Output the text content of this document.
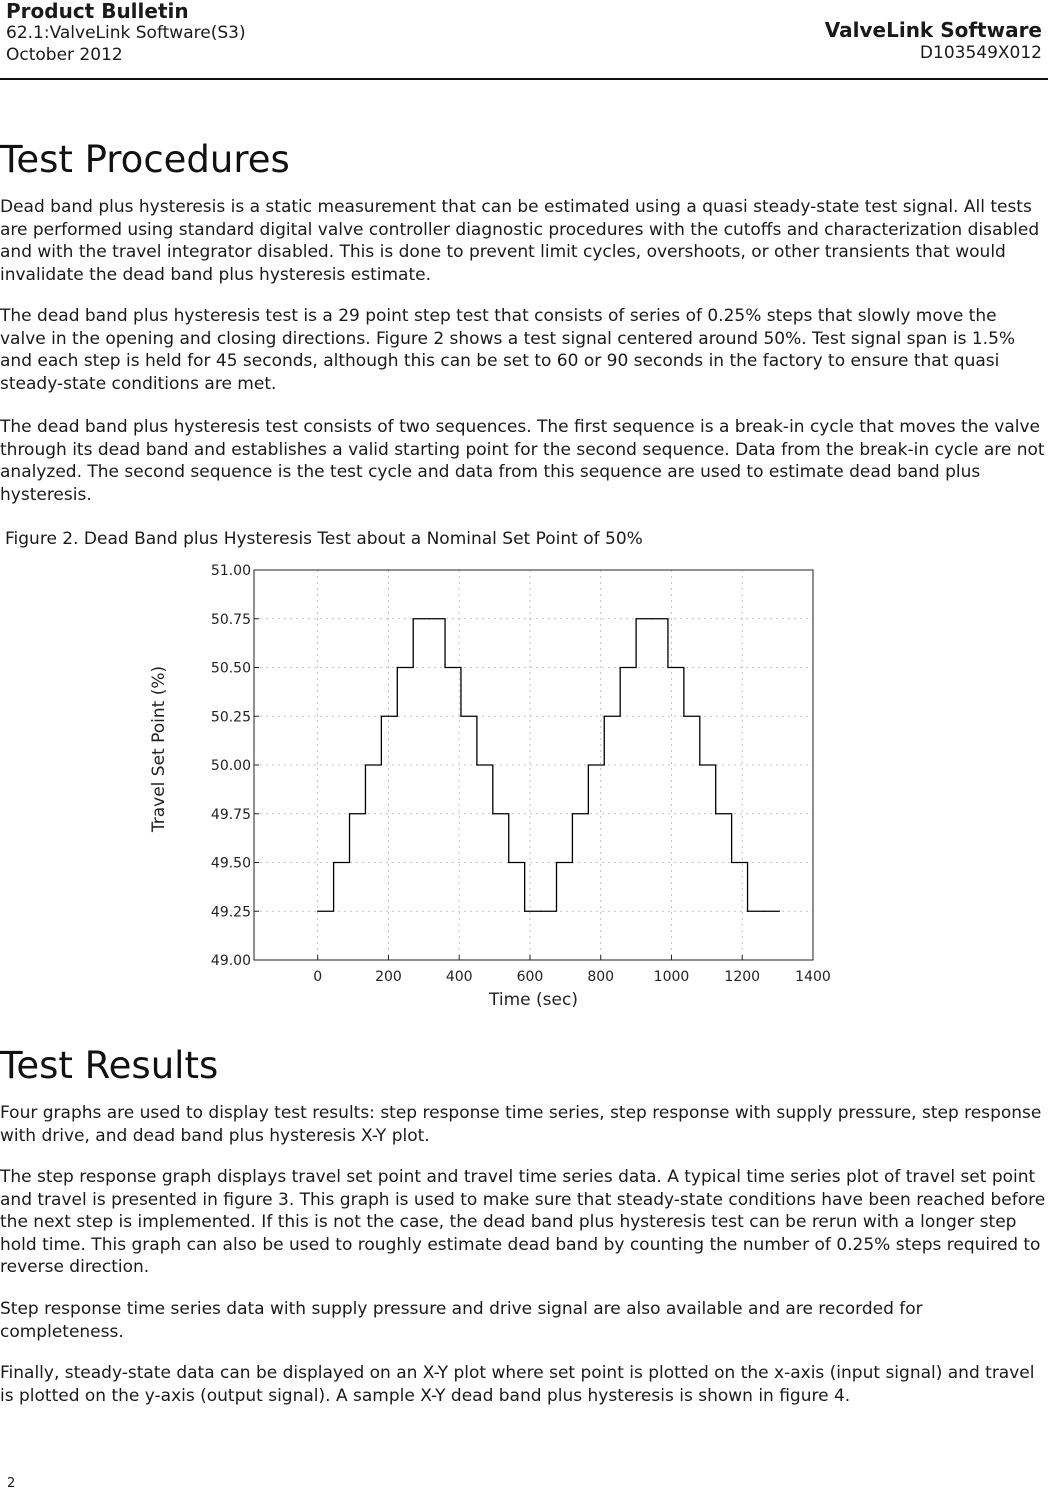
Product Bulletin
62.1:ValveLink Software(S3)
October 2012
ValveLink Software
D103549X012
Test Procedures

Dead band plus hysteresis is a static measurement that can be estimated using a quasi steady-state test signal. All tests are performed using standard digital valve controller diagnostic procedures with the cutoffs and characterization disabled and with the travel integrator disabled. This is done to prevent limit cycles, overshoots, or other transients that would invalidate the dead band plus hysteresis estimate.

The dead band plus hysteresis test is a 29 point step test that consists of series of 0.25% steps that slowly move the valve in the opening and closing directions. Figure 2 shows a test signal centered around 50%. Test signal span is 1.5% and each step is held for 45 seconds, although this can be set to 60 or 90 seconds in the factory to ensure that quasi steady-state conditions are met.

The dead band plus hysteresis test consists of two sequences. The first sequence is a break-in cycle that moves the valve through its dead band and establishes a valid starting point for the second sequence. Data from the break-in cycle are not analyzed. The second sequence is the test cycle and data from this sequence are used to estimate dead band plus hysteresis.

Figure 2. Dead Band plus Hysteresis Test about a Nominal Set Point of 50%
0	200	400	600	800	1000	1200	1400
49.00
49.25
49.50
49.75
50.00
50.25
50.50
50.75
51.00
Time (sec)
Travel Set Point (%)
Test Results

Four graphs are used to display test results: step response time series, step response with supply pressure, step response with drive, and dead band plus hysteresis X-Y plot.

The step response graph displays travel set point and travel time series data. A typical time series plot of travel set point and travel is presented in figure 3. This graph is used to make sure that steady-state conditions have been reached before the next step is implemented. If this is not the case, the dead band plus hysteresis test can be rerun with a longer step hold time. This graph can also be used to roughly estimate dead band by counting the number of 0.25% steps required to reverse direction.

Step response time series data with supply pressure and drive signal are also available and are recorded for completeness.

Finally, steady-state data can be displayed on an X-Y plot where set point is plotted on the x-axis (input signal) and travel is plotted on the y-axis (output signal). A sample X-Y dead band plus hysteresis is shown in figure 4.

2
